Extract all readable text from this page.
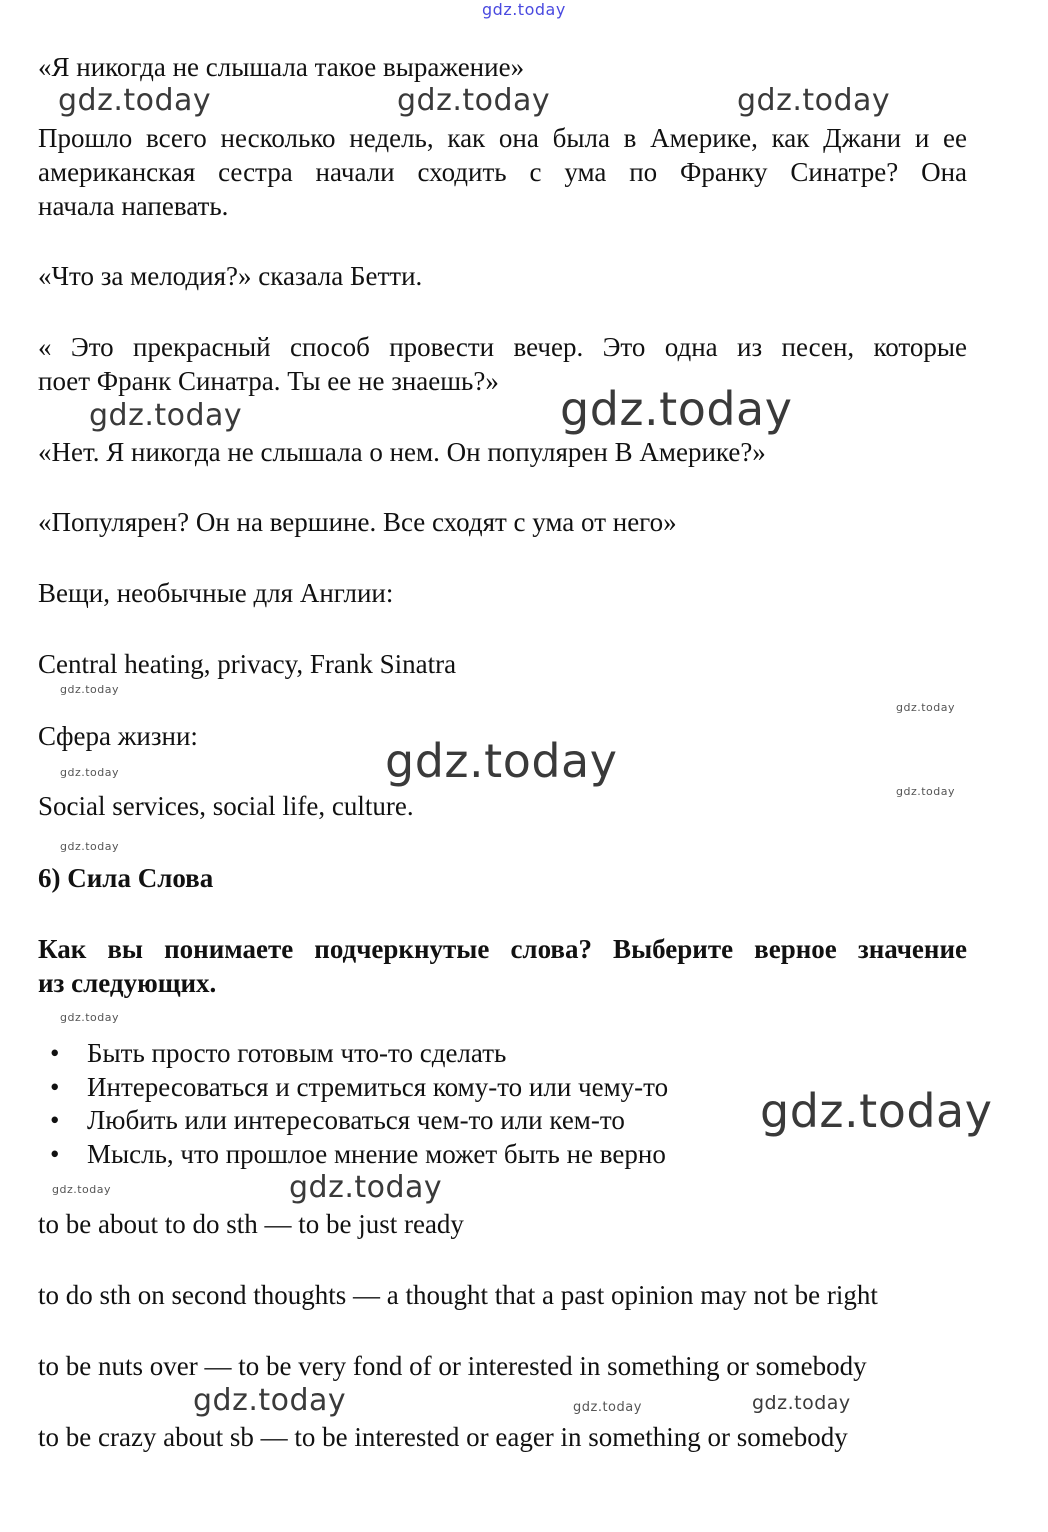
gdz.today
«Я никогда не слышала такое выражение»
Прошло всего несколько недель, как она была в Америке, как Джани и ее
американская сестра начали сходить с ума по Франку Синатре? Она
начала напевать.
«Что за мелодия?» сказала Бетти.
« Это прекрасный способ провести вечер. Это одна из песен, которые
поет Франк Синатра. Ты ее не знаешь?»
«Нет. Я никогда не слышала о нем. Он популярен В Америке?»
«Популярен? Он на вершине. Все сходят с ума от него»
Вещи, необычные для Англии:
Central heating, privacy, Frank Sinatra
Сфера жизни:
Social services, social life, culture.
6) Сила Слова
Как вы понимаете подчеркнутые слова? Выберите верное значение
из следующих.
• Быть просто готовым что-то сделать
• Интересоваться и стремиться кому-то или чему-то
• Любить или интересоваться чем-то или кем-то
• Мысль, что прошлое мнение может быть не верно
to be about to do sth — to be just ready
to do sth on second thoughts — a thought that a past opinion may not be right
to be nuts over — to be very fond of or interested in something or somebody
to be crazy about sb — to be interested or eager in something or somebody
gdz.today	gdz.today	gdz.today
gdz.today	gdz.today
gdz.today
gdz.today
gdz.today
gdz.today
gdz.today
gdz.today
gdz.today
gdz.today
gdz.today	gdz.today
gdz.today	gdz.today	gdz.today
